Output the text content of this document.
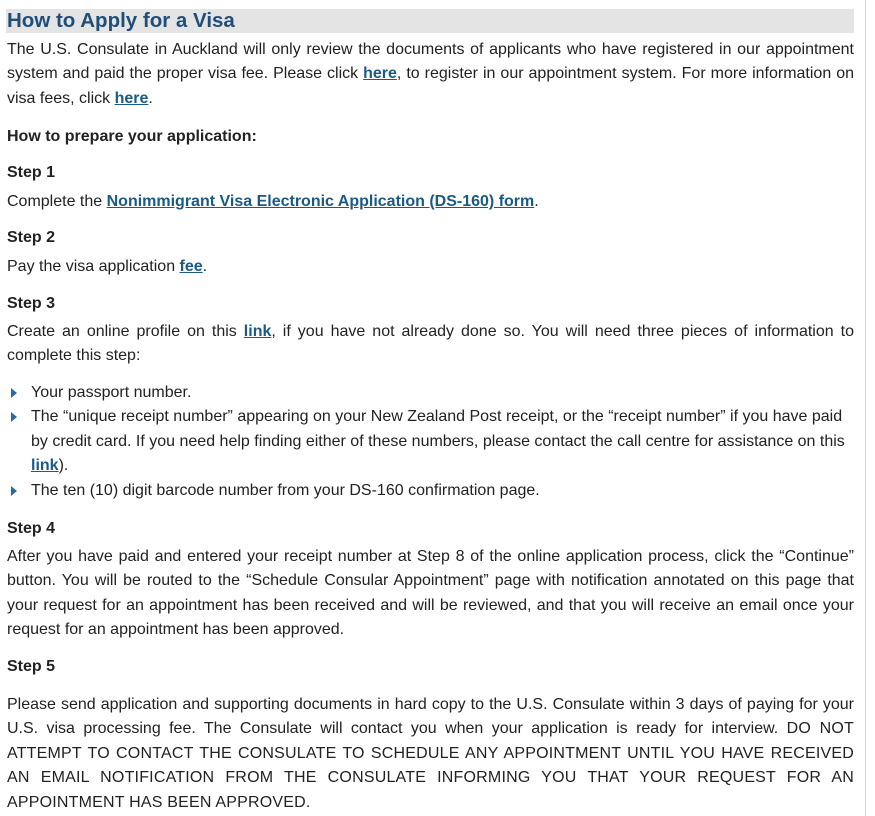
How to Apply for a Visa

The U.S. Consulate in Auckland will only review the documents of applicants who have registered in our appointment system and paid the proper visa fee. Please click here, to register in our appointment system. For more information on visa fees, click here.

How to prepare your application:
Step 1

Complete the Nonimmigrant Visa Electronic Application (DS-160) form.

Step 2

Pay the visa application fee.

Step 3

Create an online profile on this link, if you have not already done so. You will need three pieces of information to complete this step:

Your passport number.
The “unique receipt number” appearing on your New Zealand Post receipt, or the “receipt number” if you have paid by credit card. If you need help finding either of these numbers, please contact the call centre for assistance on this link).
The ten (10) digit barcode number from your DS-160 confirmation page.
Step 4

After you have paid and entered your receipt number at Step 8 of the online application process, click the “Continue” button. You will be routed to the “Schedule Consular Appointment” page with notification annotated on this page that your request for an appointment has been received and will be reviewed, and that you will receive an email once your request for an appointment has been approved.

Step 5

Please send application and supporting documents in hard copy to the U.S. Consulate within 3 days of paying for your U.S. visa processing fee. The Consulate will contact you when your application is ready for interview. DO NOT ATTEMPT TO CONTACT THE CONSULATE TO SCHEDULE ANY APPOINTMENT UNTIL YOU HAVE RECEIVED AN EMAIL NOTIFICATION FROM THE CONSULATE INFORMING YOU THAT YOUR REQUEST FOR AN APPOINTMENT HAS BEEN APPROVED.
